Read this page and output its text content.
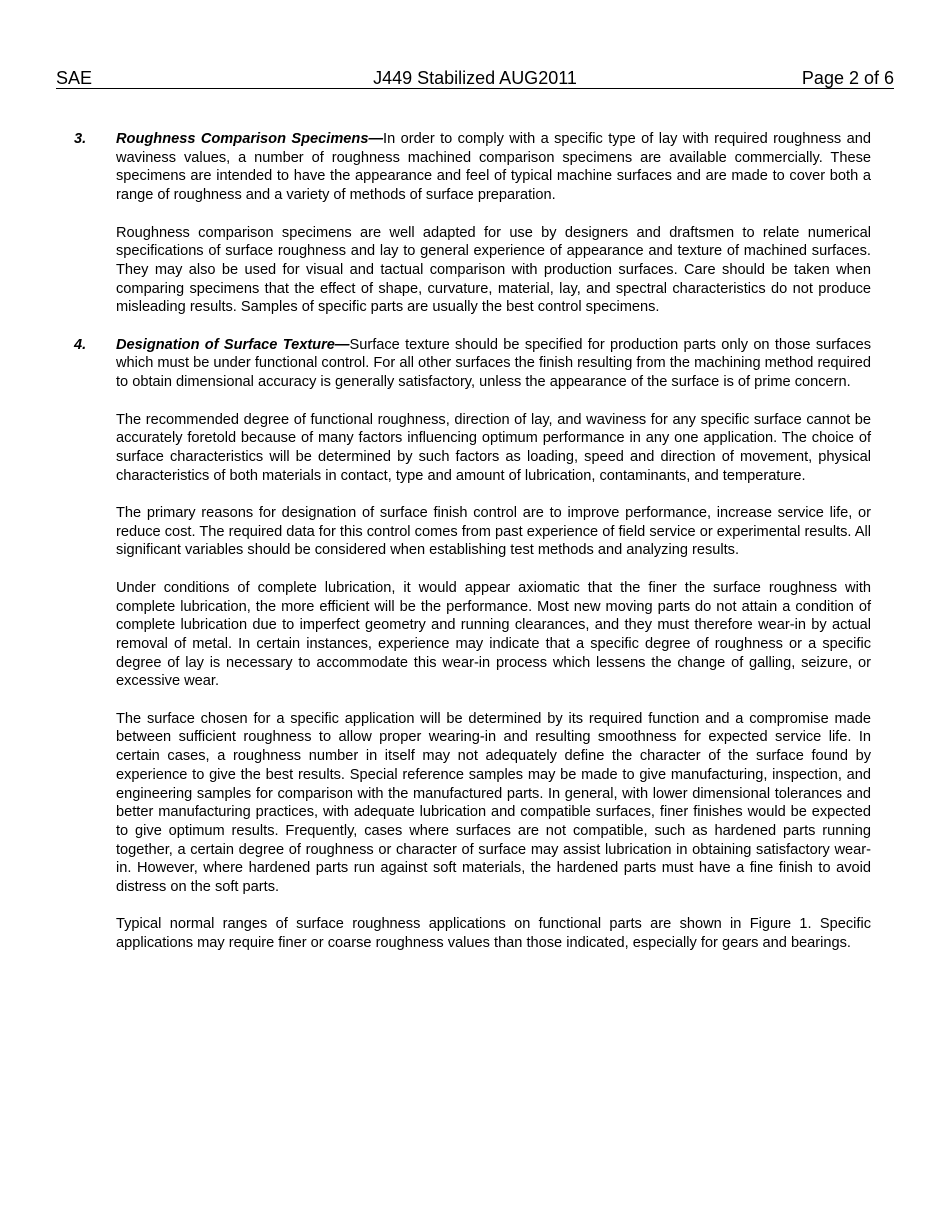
SAE	J449 Stabilized AUG2011	Page 2 of 6

3. Roughness Comparison Specimens—In order to comply with a specific type of lay with required roughness and waviness values, a number of roughness machined comparison specimens are available commercially. These specimens are intended to have the appearance and feel of typical machine surfaces and are made to cover both a range of roughness and a variety of methods of surface preparation.

Roughness comparison specimens are well adapted for use by designers and draftsmen to relate numerical specifications of surface roughness and lay to general experience of appearance and texture of machined surfaces. They may also be used for visual and tactual comparison with production surfaces. Care should be taken when comparing specimens that the effect of shape, curvature, material, lay, and spectral characteristics do not produce misleading results. Samples of specific parts are usually the best control specimens.

4. Designation of Surface Texture—Surface texture should be specified for production parts only on those surfaces which must be under functional control. For all other surfaces the finish resulting from the machining method required to obtain dimensional accuracy is generally satisfactory, unless the appearance of the surface is of prime concern.

The recommended degree of functional roughness, direction of lay, and waviness for any specific surface cannot be accurately foretold because of many factors influencing optimum performance in any one application. The choice of surface characteristics will be determined by such factors as loading, speed and direction of movement, physical characteristics of both materials in contact, type and amount of lubrication, contaminants, and temperature.

The primary reasons for designation of surface finish control are to improve performance, increase service life, or reduce cost. The required data for this control comes from past experience of field service or experimental results. All significant variables should be considered when establishing test methods and analyzing results.

Under conditions of complete lubrication, it would appear axiomatic that the finer the surface roughness with complete lubrication, the more efficient will be the performance. Most new moving parts do not attain a condition of complete lubrication due to imperfect geometry and running clearances, and they must therefore wear-in by actual removal of metal. In certain instances, experience may indicate that a specific degree of roughness or a specific degree of lay is necessary to accommodate this wear-in process which lessens the change of galling, seizure, or excessive wear.

The surface chosen for a specific application will be determined by its required function and a compromise made between sufficient roughness to allow proper wearing-in and resulting smoothness for expected service life. In certain cases, a roughness number in itself may not adequately define the character of the surface found by experience to give the best results. Special reference samples may be made to give manufacturing, inspection, and engineering samples for comparison with the manufactured parts. In general, with lower dimensional tolerances and better manufacturing practices, with adequate lubrication and compatible surfaces, finer finishes would be expected to give optimum results. Frequently, cases where surfaces are not compatible, such as hardened parts running together, a certain degree of roughness or character of surface may assist lubrication in obtaining satisfactory wear-in. However, where hardened parts run against soft materials, the hardened parts must have a fine finish to avoid distress on the soft parts.

Typical normal ranges of surface roughness applications on functional parts are shown in Figure 1. Specific applications may require finer or coarse roughness values than those indicated, especially for gears and bearings.
